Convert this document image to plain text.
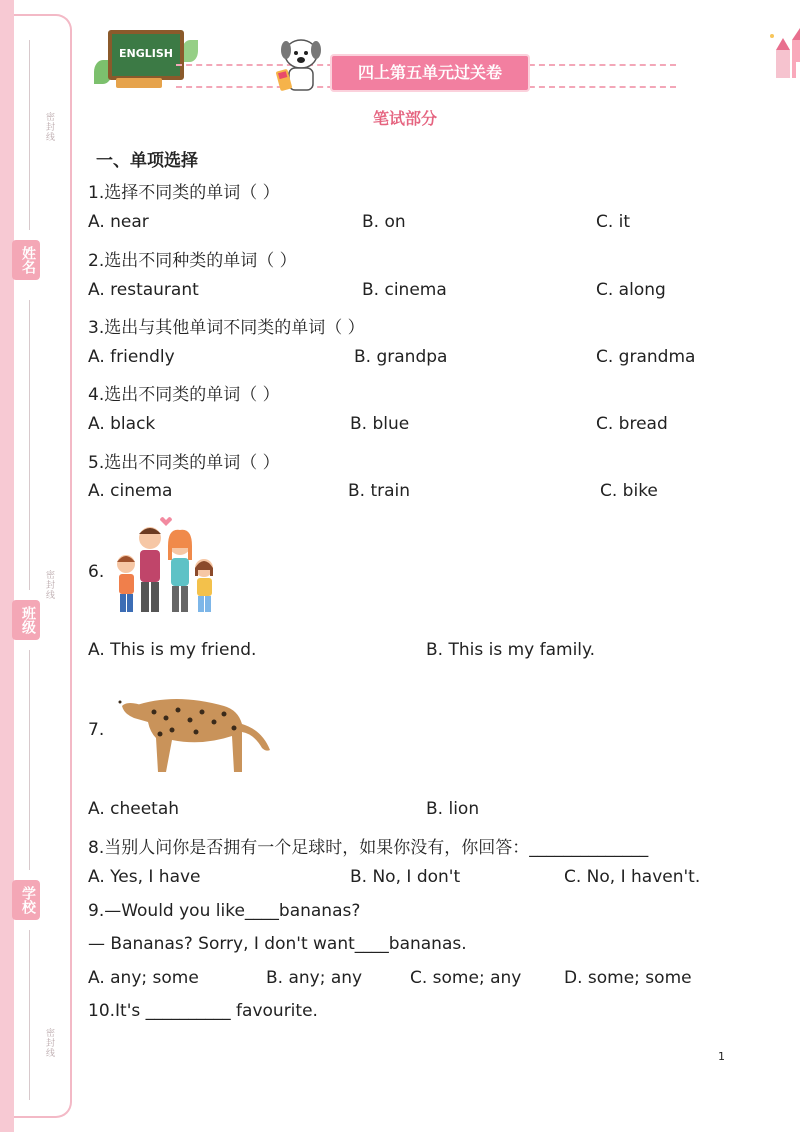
密封线
密封线
密封线
姓名
班级
学校
ENGLISH
四上第五单元过关卷
笔试部分
一、单项选择
1.选择不同类的单词（ ）
A. near	B. on	C. it
2.选出不同种类的单词（ ）
A. restaurant	B. cinema	C. along
3.选出与其他单词不同类的单词（ ）
A. friendly	B. grandpa	C. grandma
4.选出不同类的单词（ ）
A. black	B. blue	C. bread
5.选出不同类的单词（ ）
A. cinema	B. train	C. bike
6.
A. This is my friend.	B. This is my family.
7.
A. cheetah	B. lion
8.当别人问你是否拥有一个足球时，如果你没有，你回答：______________
A. Yes, I have	B. No, I don't	C. No, I haven't.
9.—Would you like____bananas?
— Bananas? Sorry, I don't want____bananas.
A. any; some	B. any; any	C. some; any	D. some; some
10.It's __________ favourite.
1
